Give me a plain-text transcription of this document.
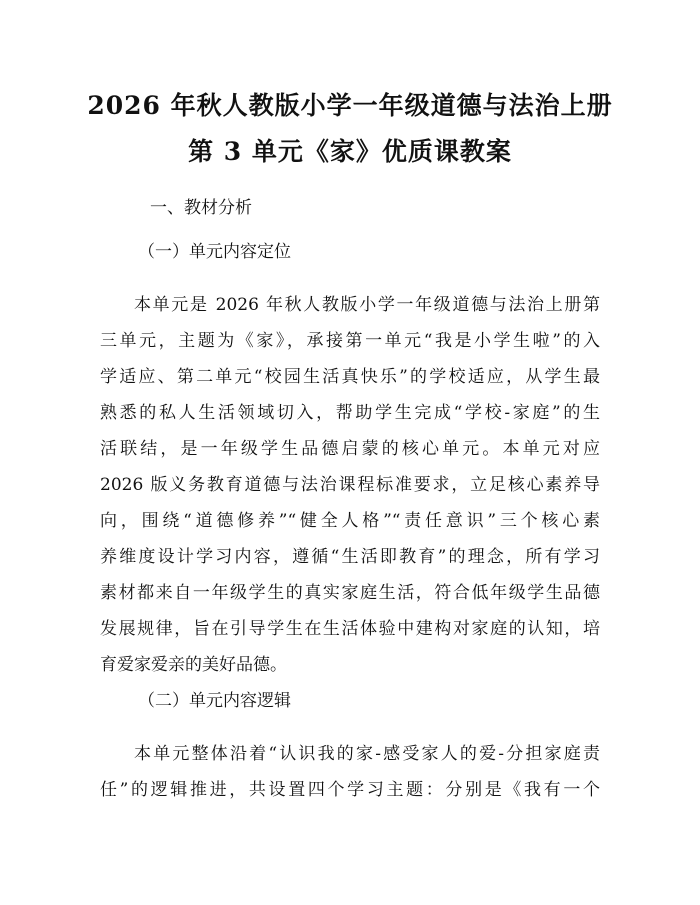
2026 年秋人教版小学一年级道德与法治上册
第 3 单元《家》优质课教案
一、教材分析
（一）单元内容定位
本单元是 2026 年秋人教版小学一年级道德与法治上册第
三单元，主题为《家》，承接第一单元“我是小学生啦”的入
学适应、第二单元“校园生活真快乐”的学校适应，从学生最
熟悉的私人生活领域切入，帮助学生完成“学校-家庭”的生
活联结，是一年级学生品德启蒙的核心单元。本单元对应
2026 版义务教育道德与法治课程标准要求，立足核心素养导
向，围绕“道德修养”“健全人格”“责任意识”三个核心素
养维度设计学习内容，遵循“生活即教育”的理念，所有学习
素材都来自一年级学生的真实家庭生活，符合低年级学生品德
发展规律，旨在引导学生在生活体验中建构对家庭的认知，培
育爱家爱亲的美好品德。
（二）单元内容逻辑
本单元整体沿着“认识我的家-感受家人的爱-分担家庭责
任”的逻辑推进，共设置四个学习主题：分别是《我有一个
